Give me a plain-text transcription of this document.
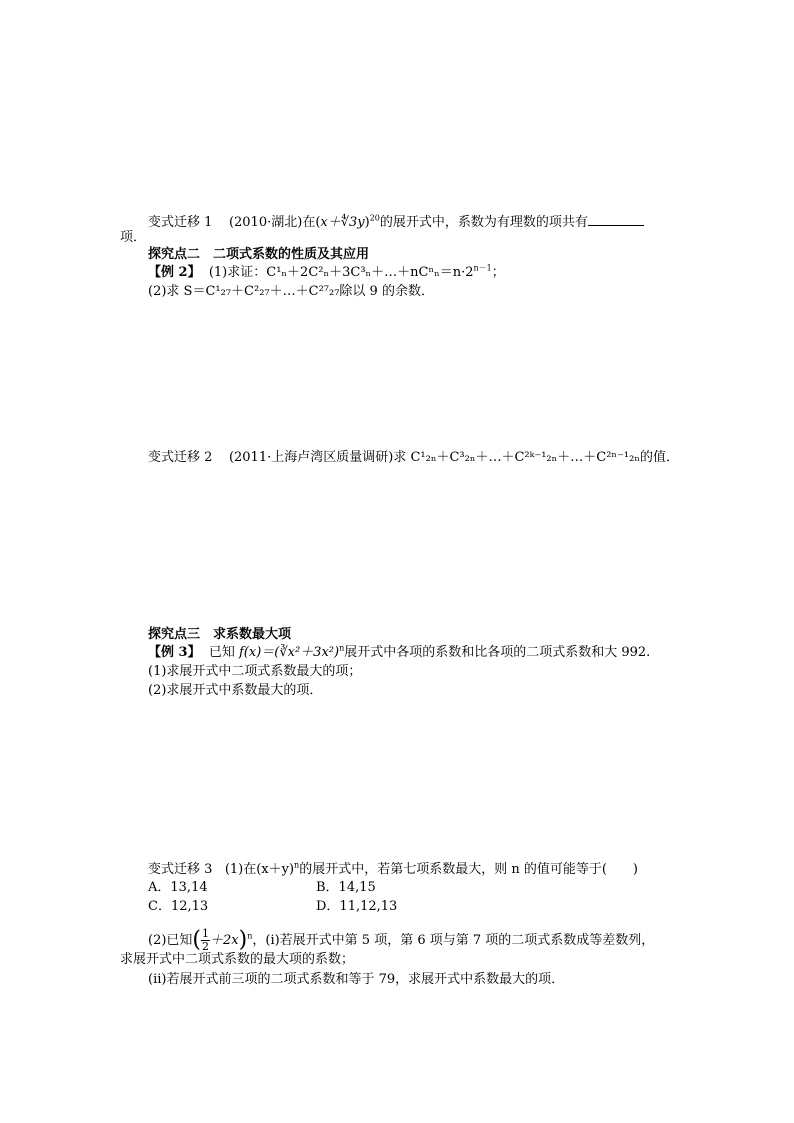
变式迁移 1 (2010·湖北)在(x＋∜3y)$^{20}$的展开式中，系数为有理数的项共有
项．
探究点二　二项式系数的性质及其应用
【例 2】 (1)求证：$C^1_n+2C^2_n+3C^3_n+\dots+nC^n_n=n\cdot 2^{n-1}$；
(2)求 S＝C¹₂₇＋C²₂₇＋…＋C²⁷₂₇除以 9 的余数．
变式迁移 2 (2011·上海卢湾区质量调研)求 C¹₂ₙ＋C³₂ₙ＋…＋C²ᵏ⁻¹₂ₙ＋…＋C²ⁿ⁻¹₂ₙ的值．
探究点三　求系数最大项
【例 3】 已知 f(x)＝(∛x²＋3x²)$^n$展开式中各项的系数和比各项的二项式系数和大 992.
(1)求展开式中二项式系数最大的项；
(2)求展开式中系数最大的项．
变式迁移 3 (1)在$(x+y)^n$的展开式中，若第七项系数最大，则 n 的值可能等于(　　)
A．13,14	B．14,15
C．12,13	D．11,12,13
(2)已知( $\frac{1}{2} +2x)^n$，(ⅰ)若展开式中第 5 项，第 6 项与第 7 项的二项式系数成等差数列，
求展开式中二项式系数的最大项的系数；
(ⅱ)若展开式前三项的二项式系数和等于 79，求展开式中系数最大的项．
